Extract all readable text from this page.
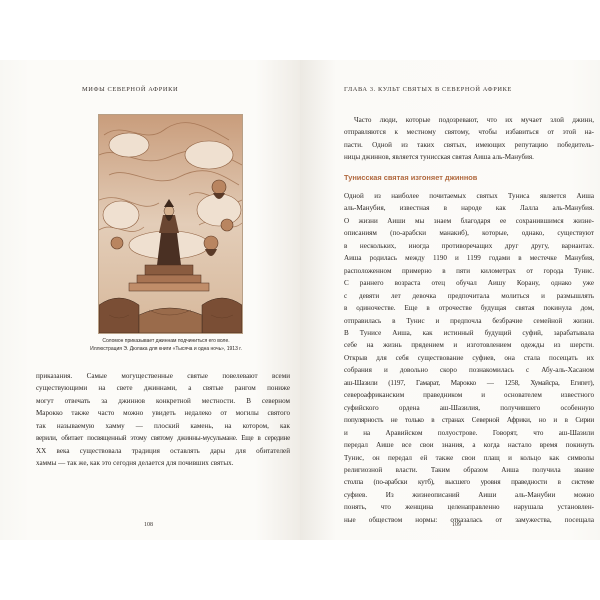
МИФЫ СЕВЕРНОЙ АФРИКИ
Соломон приказывает джиннам подчиниться его воле.
Иллюстрация Э. Дюлака для книги «Тысяча и одна ночь», 1913 г.
приказания. Самые могущественные святые повелевают всеми
существующими на свете джиннами, а святые рангом пониже
могут отвечать за джиннов конкретной местности. В северном
Марокко также часто можно увидеть недалеко от могилы святого
так называемую хамму — плоский камень, на котором, как
верили, обитает посвященный этому святому джинны-мусульмане. Еще в середине
XX века существовала традиция оставлять дары для обитателей
хаммы — так же, как это сегодня делается для почивших святых.
108
ГЛАВА 3. КУЛЬТ СВЯТЫХ В СЕВЕРНОЙ АФРИКЕ
Часто люди, которые подозревают, что их мучает злой джинн,
отправляются к местному святому, чтобы избавиться от этой на-
пасти. Одной из таких святых, имеющих репутацию победитель-
ницы джиннов, является тунисская святая Аиша аль-Манубия.
Тунисская святая изгоняет джиннов
Одной из наиболее почитаемых святых Туниса является Аиша
аль-Манубия, известная в народе как Лалла аль-Манубия.
О жизни Аиши мы знаем благодаря ее сохранившимся жизне-
описаниям (по-арабски манакиб), которые, однако, существуют
в нескольких, иногда противоречащих друг другу, вариантах.
Аиша родилась между 1190 и 1199 годами в местечке Манубия,
расположенном примерно в пяти километрах от города Тунис.
С раннего возраста отец обучал Аишу Корану, однако уже
с девяти лет девочка предпочитала молиться и размышлять
в одиночестве. Еще в отрочестве будущая святая покинула дом,
отправилась в Тунис и предпочла безбрачие семейной жизни.
В Тунисе Аиша, как истинный будущий суфий, зарабатывала
себе на жизнь прядением и изготовлением одежды из шерсти.
Открыв для себя существование суфиев, она стала посещать их
собрания и довольно скоро познакомилась с Абу-аль-Хасаном
аш-Шазили (1197, Гамарат, Марокко — 1258, Хумайсра, Египет),
североафриканским праведником и основателем известного
суфийского ордена аш-Шазилия, получившего особенную
популярность не только в странах Северной Африки, но и в Сирии
и на Аравийском полуострове. Говорят, что аш-Шазили
передал Аише все свои знания, а когда настало время покинуть
Тунис, он передал ей также свои плащ и кольцо как символы
религиозной власти. Таким образом Аиша получила звание
столпа (по-арабски кутб), высшего уровня праведности в системе
суфиев. Из жизнеописаний Аиши аль-Манубии можно
понять, что женщина целенаправленно нарушала установлен-
ные обществом нормы: отказалась от замужества, посещала
109
